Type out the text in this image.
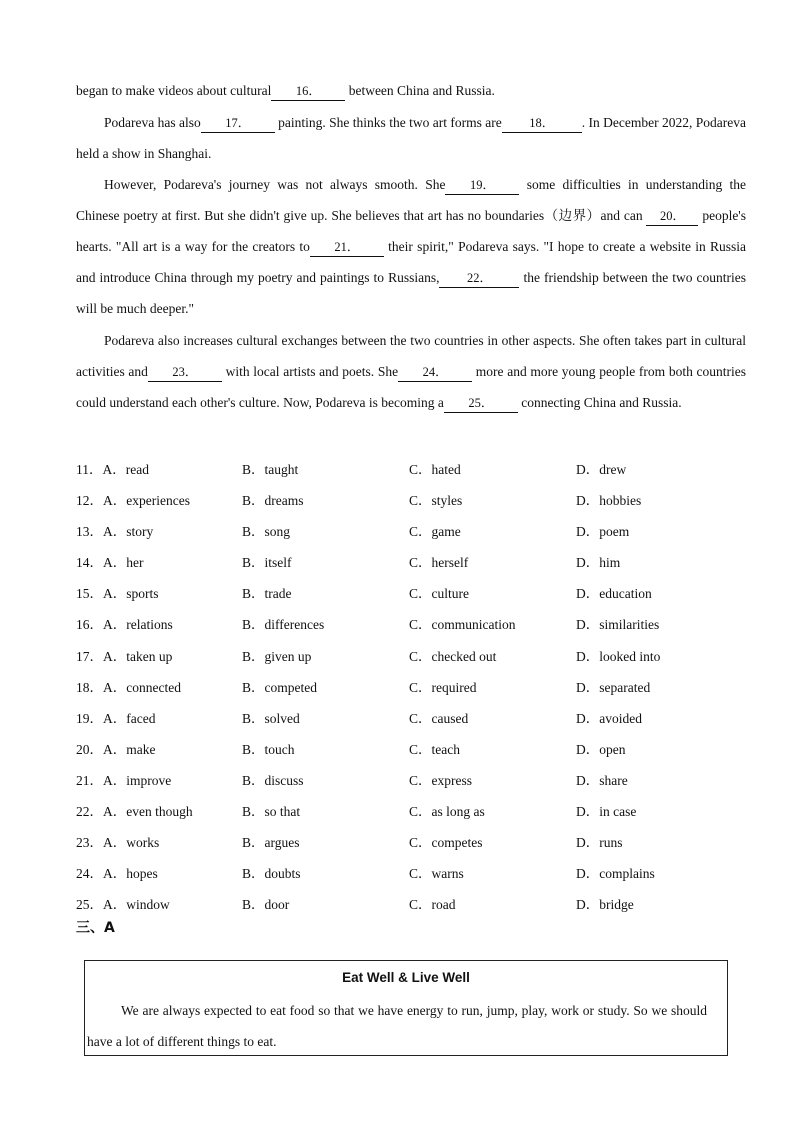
began to make videos about cultural 16． between China and Russia.

Podareva has also 17． painting. She thinks the two art forms are 18． . In December 2022, Podareva held a show in Shanghai.

However, Podareva's journey was not always smooth. She 19． some difficulties in understanding the Chinese poetry at first. But she didn't give up. She believes that art has no boundaries（边界）and can 20． people's hearts. "All art is a way for the creators to 21． their spirit," Podareva says. "I hope to create a website in Russia and introduce China through my poetry and paintings to Russians, 22． the friendship between the two countries will be much deeper."

Podareva also increases cultural exchanges between the two countries in other aspects. She often takes part in cultural activities and 23． with local artists and poets. She 24． more and more young people from both countries could understand each other's culture. Now, Podareva is becoming a 25． connecting China and Russia.

11．A．read	B．taught	C．hated	D．drew
12．A．experiences	B．dreams	C．styles	D．hobbies
13．A．story	B．song	C．game	D．poem
14．A．her	B．itself	C．herself	D．him
15．A．sports	B．trade	C．culture	D．education
16．A．relations	B．differences	C．communication	D．similarities
17．A．taken up	B．given up	C．checked out	D．looked into
18．A．connected	B．competed	C．required	D．separated
19．A．faced	B．solved	C．caused	D．avoided
20．A．make	B．touch	C．teach	D．open
21．A．improve	B．discuss	C．express	D．share
22．A．even though	B．so that	C．as long as	D．in case
23．A．works	B．argues	C．competes	D．runs
24．A．hopes	B．doubts	C．warns	D．complains
25．A．window	B．door	C．road	D．bridge
三、A
Eat Well & Live Well
We are always expected to eat food so that we have energy to run, jump, play, work or study. So we should have a lot of different things to eat.
